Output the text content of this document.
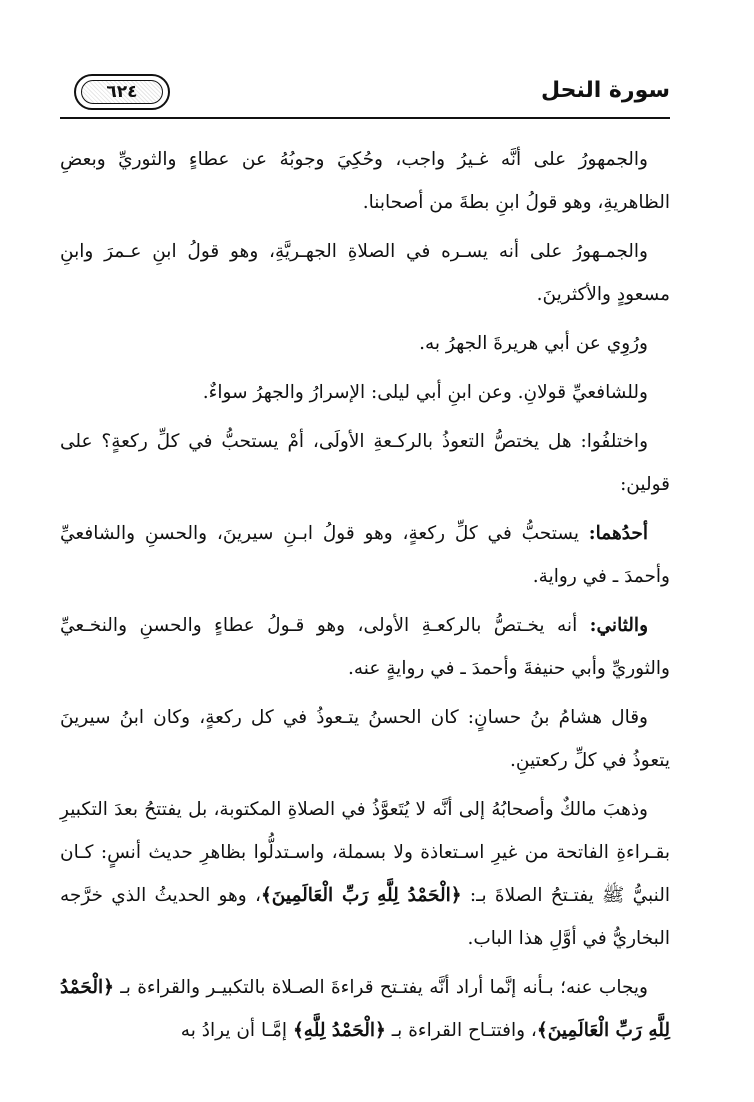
سورة النحل
٦٢٤

والجمهورُ على أنَّه غـيرُ واجب، وحُكِيَ وجوبُهُ عن عطاءٍ والثوريِّ وبعضِ الظاهريةِ، وهو قولُ ابنِ بطةَ من أصحابنا.

والجمـهورُ على أنه يسـره في الصلاةِ الجهـريَّةِ، وهو قولُ ابنِ عـمرَ وابنِ مسعودٍ والأكثرينَ.

ورُوِي عن أبي هريرةَ الجهرُ به.

وللشافعيِّ قولانِ. وعن ابنِ أبي ليلى: الإسرارُ والجهرُ سواءٌ.

واختلفُوا: هل يختصُّ التعوذُ بالركـعةِ الأولَى، أمْ يستحبُّ في كلِّ ركعةٍ؟ على قولين:

أحدُهما: يستحبُّ في كلِّ ركعةٍ، وهو قولُ ابـنِ سيرينَ، والحسنِ والشافعيِّ وأحمدَ ـ في رواية.

والثاني: أنه يخـتصُّ بالركعـةِ الأولى، وهو قـولُ عطاءٍ والحسنِ والنخـعيِّ والثوريِّ وأبي حنيفةَ وأحمدَ ـ في روايةٍ عنه.

وقال هشامُ بنُ حسانٍ: كان الحسنُ يتـعوذُ في كل ركعةٍ، وكان ابنُ سيرينَ يتعوذُ في كلِّ ركعتينِ.

وذهبَ مالكٌ وأصحابُهُ إلى أنَّه لا يُتَعوَّذُ في الصلاةِ المكتوبة، بل يفتتحُ بعدَ التكبيرِ بقـراءةِ الفاتحة من غيرِ اسـتعاذة ولا بسملة، واسـتدلُّوا بظاهرِ حديث أنسٍ: كـان النبيُّ ﷺ يفتـتحُ الصلاةَ بـ: ﴿الْحَمْدُ لِلَّهِ رَبِّ الْعَالَمِينَ﴾، وهو الحديثُ الذي خرَّجه البخاريُّ في أوَّلِ هذا الباب.

ويجاب عنه؛ بـأنه إنَّما أراد أنَّه يفتـتح قراءةَ الصـلاة بالتكبيـر والقراءة بـ ﴿الْحَمْدُ لِلَّهِ رَبِّ الْعَالَمِينَ﴾، وافتتـاح القراءة بـ ﴿الْحَمْدُ لِلَّهِ﴾ إمَّـا أن يرادُ به
